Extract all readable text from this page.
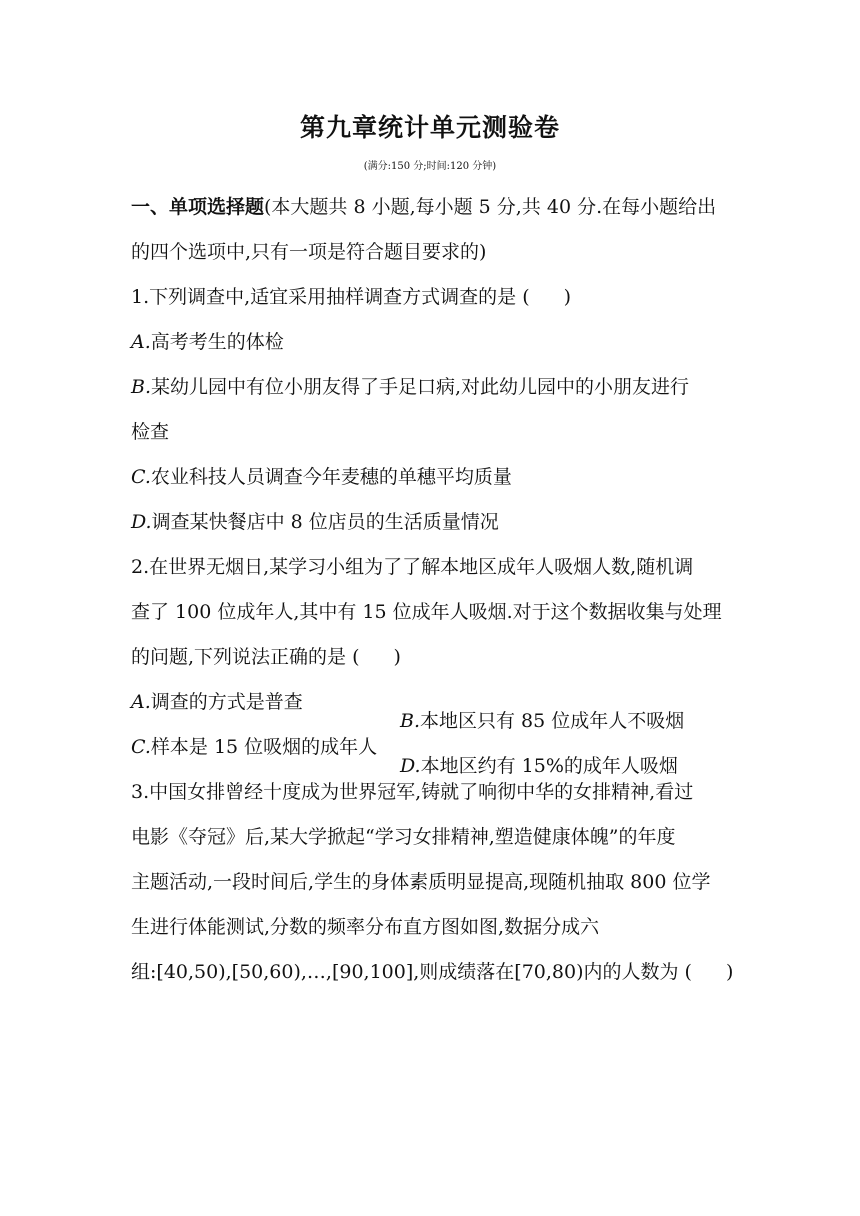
第九章统计单元测验卷

(满分:150 分;时间:120 分钟)

一、单项选择题(本大题共 8 小题,每小题 5 分,共 40 分.在每小题给出

的四个选项中,只有一项是符合题目要求的)

1.下列调查中,适宜采用抽样调查方式调查的是 ( )

A.高考考生的体检

B.某幼儿园中有位小朋友得了手足口病,对此幼儿园中的小朋友进行

检查

C.农业科技人员调查今年麦穗的单穗平均质量

D.调查某快餐店中 8 位店员的生活质量情况

2.在世界无烟日,某学习小组为了了解本地区成年人吸烟人数,随机调

查了 100 位成年人,其中有 15 位成年人吸烟.对于这个数据收集与处理

的问题,下列说法正确的是 ( )

A.调查的方式是普查

B.本地区只有 85 位成年人不吸烟

C.样本是 15 位吸烟的成年人

D.本地区约有 15%的成年人吸烟

3.中国女排曾经十度成为世界冠军,铸就了响彻中华的女排精神,看过

电影《夺冠》后,某大学掀起“学习女排精神,塑造健康体魄”的年度

主题活动,一段时间后,学生的身体素质明显提高,现随机抽取 800 位学

生进行体能测试,分数的频率分布直方图如图,数据分成六

组:[40,50),[50,60),…,[90,100],则成绩落在[70,80)内的人数为 ( )
